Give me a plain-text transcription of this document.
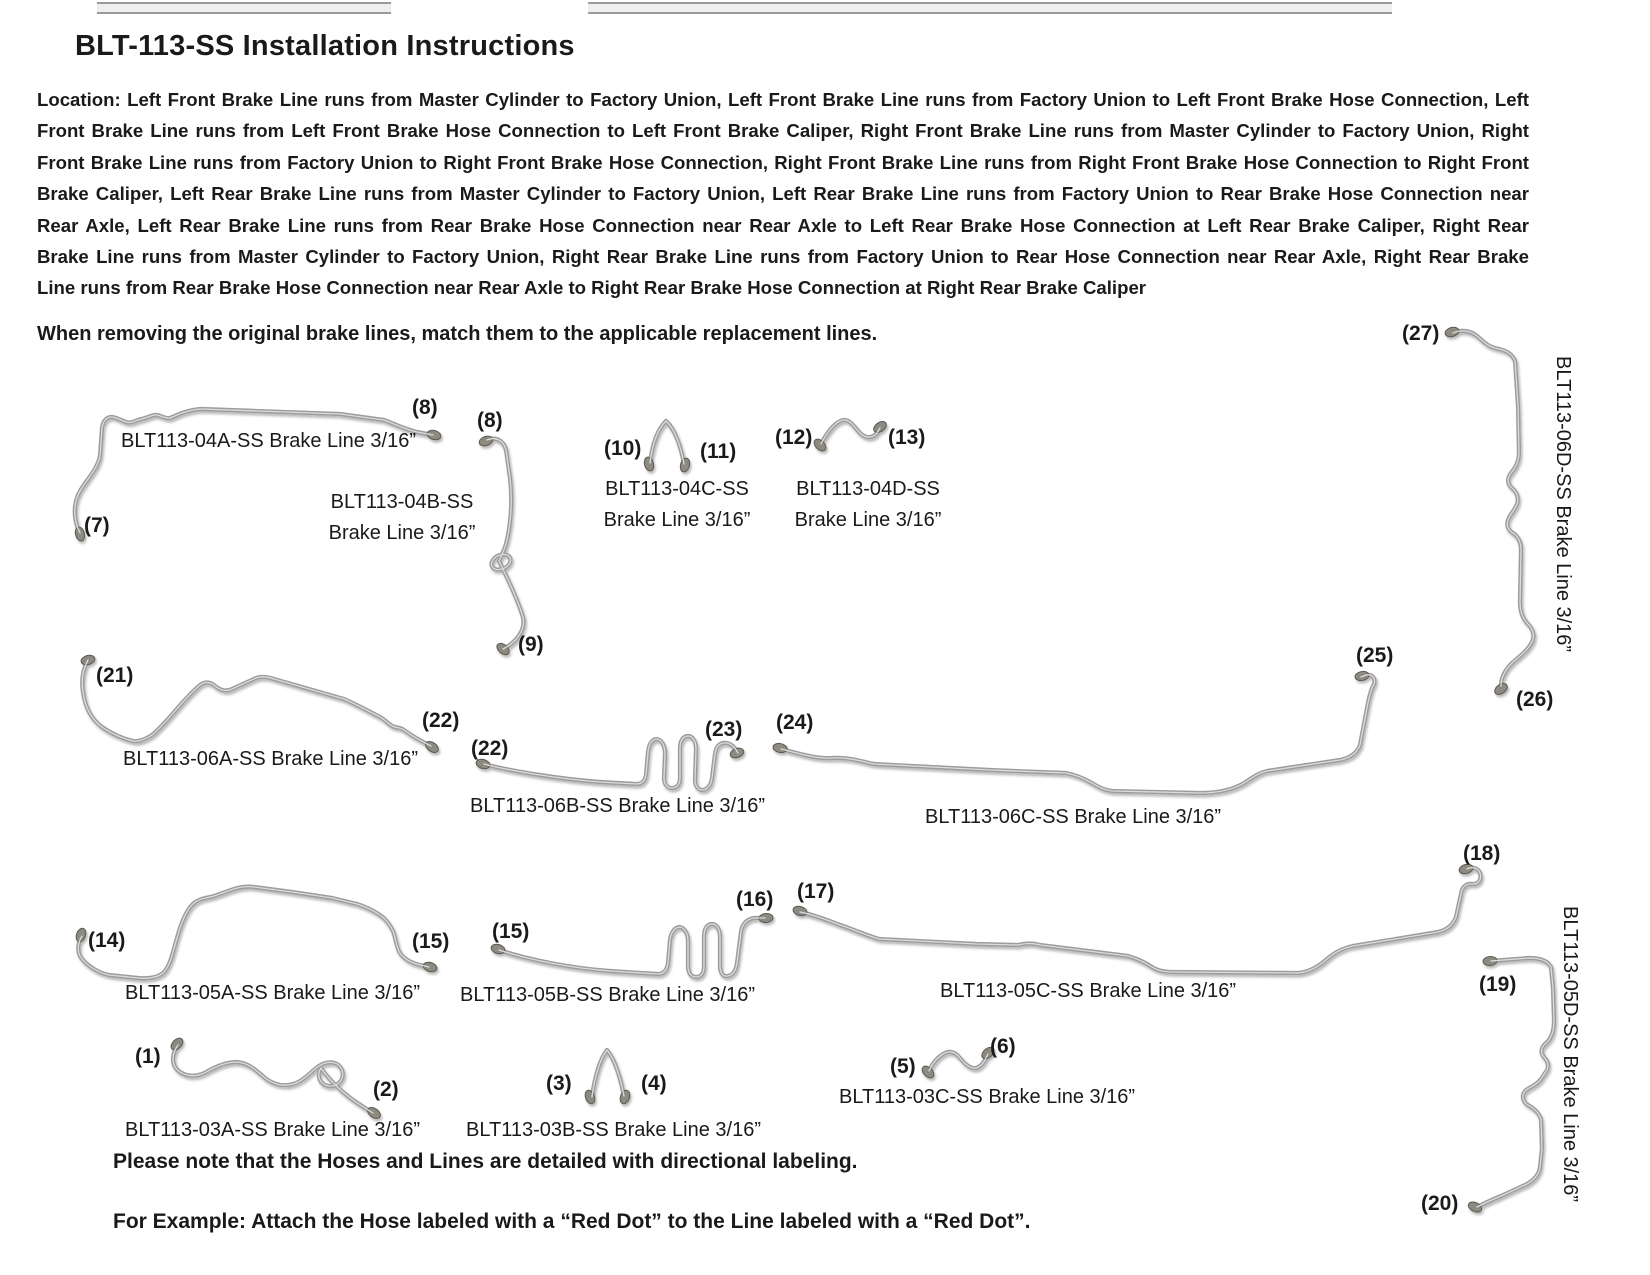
BLT-113-SS Installation Instructions
Location: Left Front Brake Line runs from Master Cylinder to Factory Union, Left Front Brake Line runs from Factory Union to Left Front Brake Hose Connection, Left
Front Brake Line runs from Left Front Brake Hose Connection to Left Front Brake Caliper, Right Front Brake Line runs from Master Cylinder to Factory Union, Right
Front Brake Line runs from Factory Union to Right Front Brake Hose Connection, Right Front Brake Line runs from Right Front Brake Hose Connection to Right Front
Brake Caliper, Left Rear Brake Line runs from Master Cylinder to Factory Union, Left Rear Brake Line runs from Factory Union to Rear Brake Hose Connection near
Rear Axle, Left Rear Brake Line runs from Rear Brake Hose Connection near Rear Axle to Left Rear Brake Hose Connection at Left Rear Brake Caliper, Right Rear
Brake Line runs from Master Cylinder to Factory Union, Right Rear Brake Line runs from Factory Union to Rear Hose Connection near Rear Axle, Right Rear Brake
Line runs from Rear Brake Hose Connection near Rear Axle to Right Rear Brake Hose Connection at Right Rear Brake Caliper
When removing the original brake lines, match them to the applicable replacement lines.
(1)
(2)	(3)	(4)
(5)
(6)
(7)
(8)
(8)
(9)
(10)	(11)
(12)	(13)
(14)	(15) (15)
(16) (17)
(18)
(19)
(20)
(21)
(22)
(22)
(23) (24)
(25)
(26)
(27)
BLT113-04A-SS Brake Line 3/16”
BLT113-04B-SS
Brake Line 3/16”
BLT113-04C-SS
Brake Line 3/16”
BLT113-04D-SS
Brake Line 3/16”
BLT113-06A-SS Brake Line 3/16”
BLT113-06B-SS Brake Line 3/16”	BLT113-06C-SS Brake Line 3/16”
BLT113-06D-SS Brake Line 3/16”
BLT113-05A-SS Brake Line 3/16” BLT113-05B-SS Brake Line 3/16”	BLT113-05C-SS Brake Line 3/16”	BLT113-05D-SS Brake Line 3/16”
BLT113-03A-SS Brake Line 3/16” BLT113-03B-SS Brake Line 3/16”
BLT113-03C-SS Brake Line 3/16”
Please note that the Hoses and Lines are detailed with directional labeling.
For Example: Attach the Hose labeled with a “Red Dot” to the Line labeled with a “Red Dot”.
